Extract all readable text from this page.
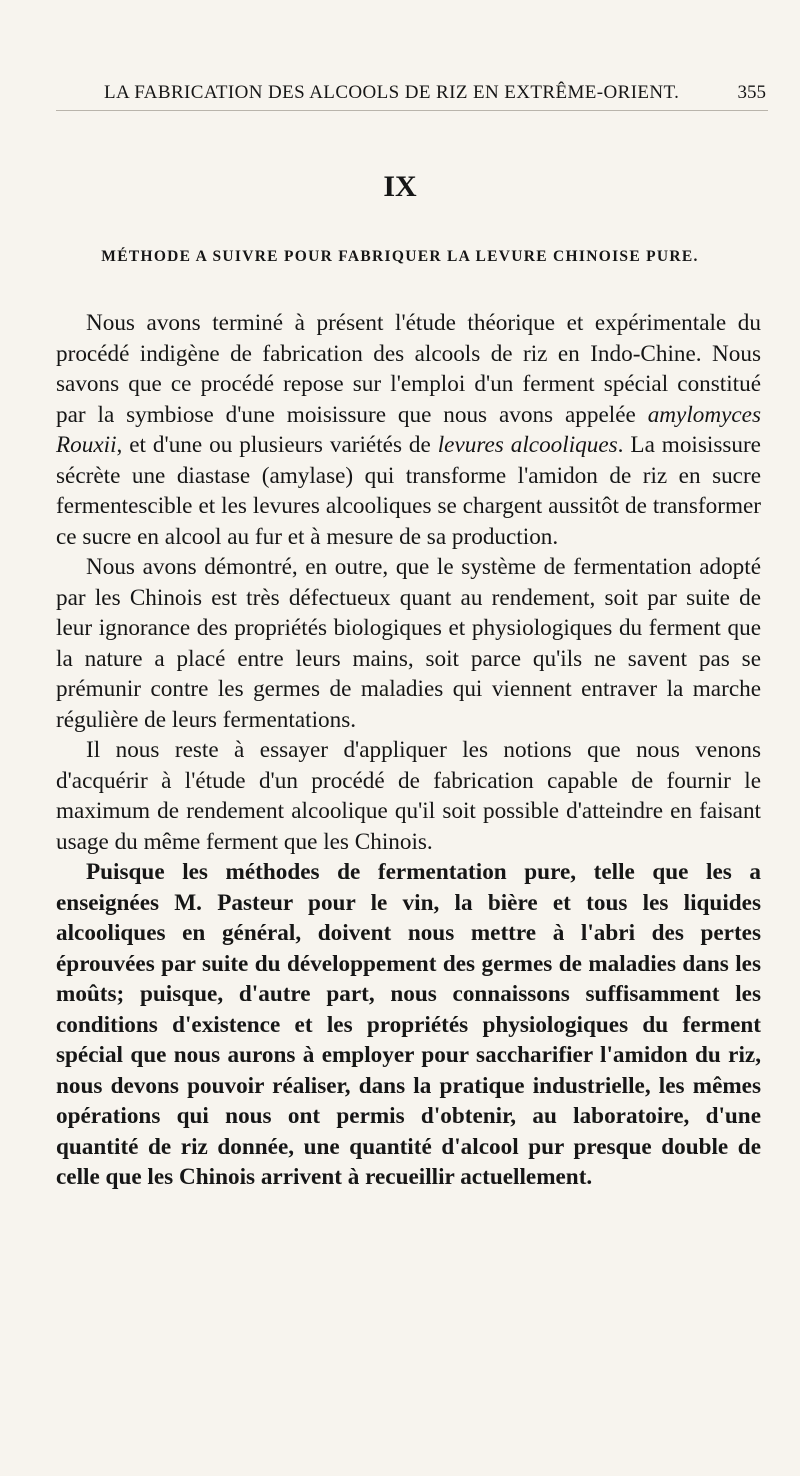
LA FABRICATION DES ALCOOLS DE RIZ EN EXTRÊME-ORIENT.	355
IX
MÉTHODE A SUIVRE POUR FABRIQUER LA LEVURE CHINOISE PURE.

Nous avons terminé à présent l'étude théorique et expérimentale du procédé indigène de fabrication des alcools de riz en Indo-Chine. Nous savons que ce procédé repose sur l'emploi d'un ferment spécial constitué par la symbiose d'une moisissure que nous avons appelée amylomyces Rouxii, et d'une ou plusieurs variétés de levures alcooliques. La moisissure sécrète une diastase (amylase) qui transforme l'amidon de riz en sucre fermentescible et les levures alcooliques se chargent aussitôt de transformer ce sucre en alcool au fur et à mesure de sa production.

Nous avons démontré, en outre, que le système de fermentation adopté par les Chinois est très défectueux quant au rendement, soit par suite de leur ignorance des propriétés biologiques et physiologiques du ferment que la nature a placé entre leurs mains, soit parce qu'ils ne savent pas se prémunir contre les germes de maladies qui viennent entraver la marche régulière de leurs fermentations.

Il nous reste à essayer d'appliquer les notions que nous venons d'acquérir à l'étude d'un procédé de fabrication capable de fournir le maximum de rendement alcoolique qu'il soit possible d'atteindre en faisant usage du même ferment que les Chinois.

Puisque les méthodes de fermentation pure, telle que les a enseignées M. Pasteur pour le vin, la bière et tous les liquides alcooliques en général, doivent nous mettre à l'abri des pertes éprouvées par suite du développement des germes de maladies dans les moûts; puisque, d'autre part, nous connaissons suffisamment les conditions d'existence et les propriétés physiologiques du ferment spécial que nous aurons à employer pour saccharifier l'amidon du riz, nous devons pouvoir réaliser, dans la pratique industrielle, les mêmes opérations qui nous ont permis d'obtenir, au laboratoire, d'une quantité de riz donnée, une quantité d'alcool pur presque double de celle que les Chinois arrivent à recueillir actuellement.
